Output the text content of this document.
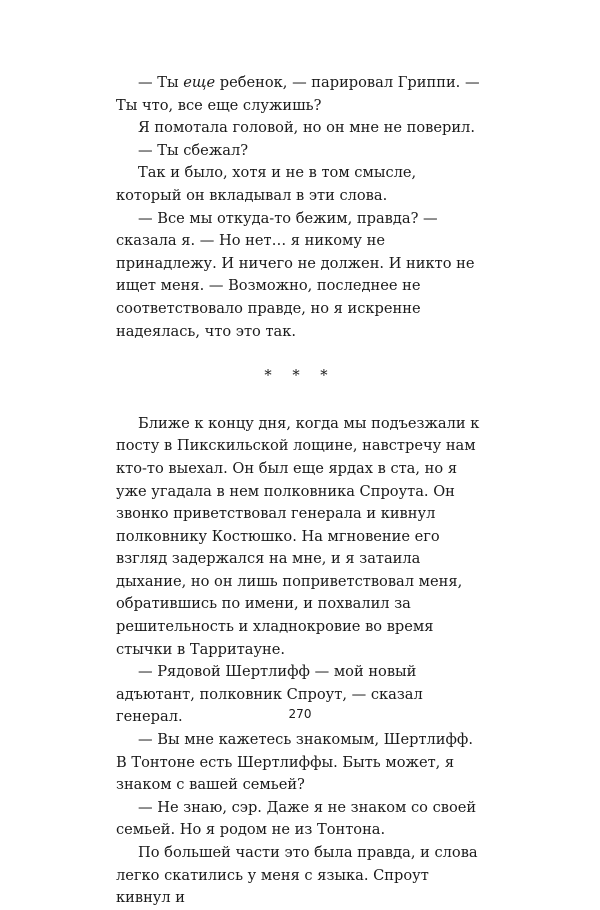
— Ты еще ребенок, — парировал Гриппи. — Ты что, все еще служишь?

Я помотала головой, но он мне не поверил.

— Ты сбежал?

Так и было, хотя и не в том смысле, который он вкладывал в эти слова.

— Все мы откуда-то бежим, правда? — сказала я. — Но нет… я никому не принадлежу. И ничего не должен. И никто не ищет меня. — Возможно, последнее не соответствовало правде, но я искренне надеялась, что это так.

* * *

Ближе к концу дня, когда мы подъезжали к посту в Пикскильской лощине, навстречу нам кто-то выехал. Он был еще ярдах в ста, но я уже угадала в нем полковника Спроута. Он звонко приветствовал генерала и кивнул полковнику Костюшко. На мгновение его взгляд задержался на мне, и я затаила дыхание, но он лишь поприветствовал меня, обратившись по имени, и похвалил за решительность и хладнокровие во время стычки в Тарритауне.

— Рядовой Шертлифф — мой новый адъютант, полковник Спроут, — сказал генерал.

— Вы мне кажетесь знакомым, Шертлифф. В Тонтоне есть Шертлиффы. Быть может, я знаком с вашей семьей?

— Не знаю, сэр. Даже я не знаком со своей семьей. Но я родом не из Тонтона.

По большей части это была правда, и слова легко скатились у меня с языка. Спроут кивнул и

270
